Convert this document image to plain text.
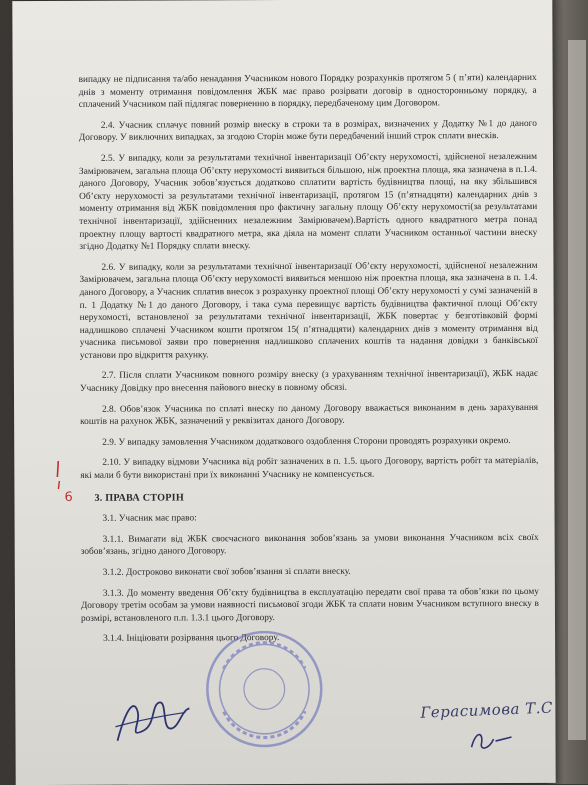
випадку не підписання та/або ненадання Учасником нового Порядку розрахунків протягом 5 ( п’яти) календарних днів з моменту отримання повідомлення ЖБК має право розірвати договір в односторонньому порядку, а сплачений Учасником пай підлягає поверненню в порядку, передбаченому цим Договором.

2.4. Учасник сплачує повний розмір внеску в строки та в розмірах, визначених у Додатку №1 до даного Договору. У виключних випадках, за згодою Сторін може бути передбачений інший строк сплати внесків.

2.5. У випадку, коли за результатами технічної інвентаризації Об’єкту нерухомості, здійсненої незалежним Замірювачем, загальна площа Об’єкту нерухомості виявиться більшою, ніж проектна площа, яка зазначена в п.1.4. даного Договору, Учасник зобов’язується додатково сплатити вартість будівництва площі, на яку збільшився Об’єкту нерухомості за результатами технічної інвентаризації, протягом 15 (п’ятнадцяти) календарних днів з моменту отримання від ЖБК повідомлення про фактичну загальну площу Об’єкту нерухомості(за результатами технічної інвентаризації, здійсненних незалежним Замірювачем).Вартість одного квадратного метра понад проектну площу вартості квадратного метра, яка діяла на момент сплати Учасником останньої частини внеску згідно Додатку №1 Порядку сплати внеску.

2.6. У випадку, коли за результатами технічної інвентаризації Об’єкту нерухомості, здійсненої незалежним Замірювачем, загальна площа Об’єкту нерухомості виявиться меншою ніж проектна площа, яка зазначена в п. 1.4. даного Договору, а Учасник сплатив внесок з розрахунку проектної площі Об’єкту нерухомості у сумі зазначеній в п. 1 Додатку №1 до даного Договору, і така сума перевищує вартість будівництва фактичної площі Об’єкту нерухомості, встановленої за результатами технічної інвентаризації, ЖБК повертає у безготівковій формі надлишково сплачені Учасником кошти протягом 15( п’ятнадцяти) календарних днів з моменту отримання від учасника письмової заяви про повернення надлишково сплачених коштів та надання довідки з банківської установи про відкриття рахунку.

2.7. Після сплати Учасником повного розміру внеску (з урахуванням технічної інвентаризації), ЖБК надає Учаснику Довідку про внесення пайового внеску в повному обсязі.

2.8. Обов’язок Учасника по сплаті внеску по даному Договору вважається виконаним в день зарахування коштів на рахунок ЖБК, зазначений у реквізитах даного Договору.

2.9. У випадку замовлення Учасником додаткового оздоблення Сторони проводять розрахунки окремо.

2.10. У випадку відмови Учасника від робіт зазначених в п. 1.5. цього Договору, вартість робіт та матеріалів, які мали б бути використані при їх виконанні Учаснику не компенсується.

3. ПРАВА СТОРІН

3.1. Учасник має право:

3.1.1. Вимагати від ЖБК своєчасного виконання зобов’язань за умови виконання Учасником всіх своїх зобов’язань, згідно даного Договору.

3.1.2. Достроково виконати свої зобов’язання зі сплати внеску.

3.1.3. До моменту введення Об’єкту будівництва в експлуатацію передати свої права та обов’язки по цьому Договору третім особам за умови наявності письмової згоди ЖБК та сплати новим Учасником вступного внеску в розмірі, встановленого п.п. 1.3.1 цього Договору.

3.1.4. Ініціювати розірвання цього Договору.

6
Герасимова Т.С
